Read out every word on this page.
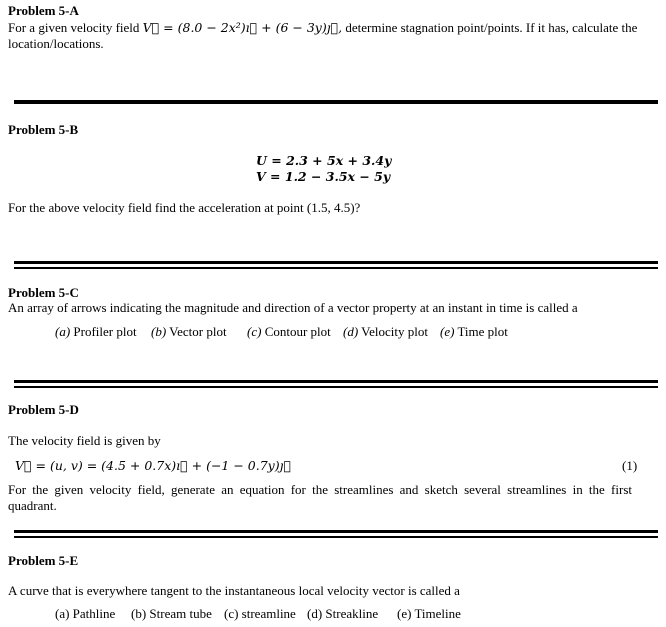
Problem 5-A
For a given velocity field V⃗ = (8.0 − 2x²)ı⃗ + (6 − 3y)ȷ⃗, determine stagnation point/points. If it has, calculate the
location/locations.
Problem 5-B
U = 2.3 + 5x + 3.4y
V = 1.2 − 3.5x − 5y
For the above velocity field find the acceleration at point (1.5, 4.5)?
Problem 5-C
An array of arrows indicating the magnitude and direction of a vector property at an instant in time is called a
(a) Profiler plot (b) Vector plot (c) Contour plot (d) Velocity plot (e) Time plot
Problem 5-D
The velocity field is given by
V⃗ = (u, v) = (4.5 + 0.7x)ı⃗ + (−1 − 0.7y)ȷ⃗	(1)
For the given velocity field, generate an equation for the streamlines and sketch several streamlines in the first
quadrant.
Problem 5-E
A curve that is everywhere tangent to the instantaneous local velocity vector is called a
(a) Pathline (b) Stream tube (c) streamline (d) Streakline (e) Timeline
